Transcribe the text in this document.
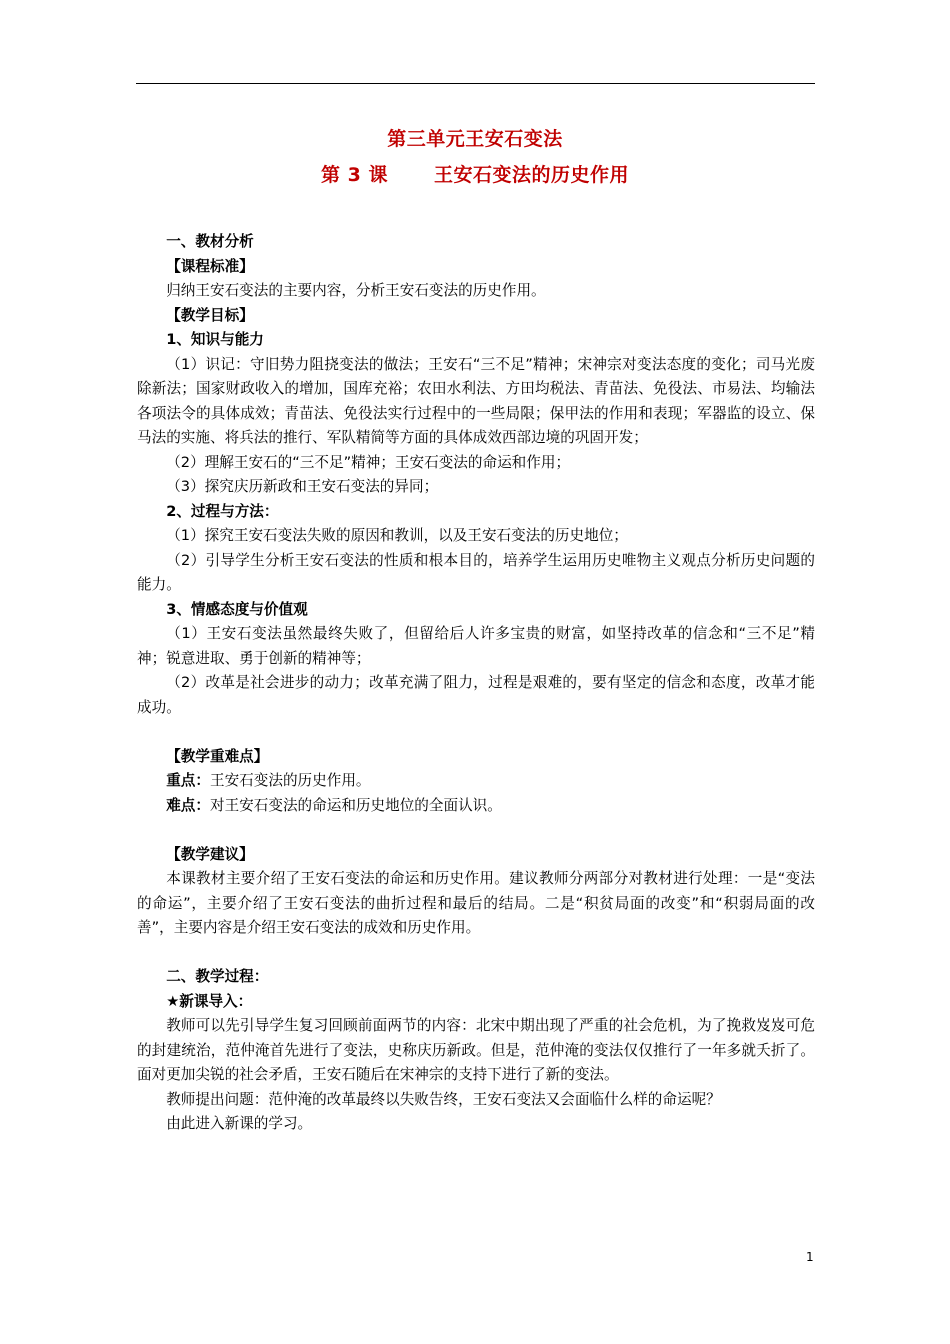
第三单元王安石变法
第 3 课 王安石变法的历史作用

一、教材分析

【课程标准】

归纳王安石变法的主要内容，分析王安石变法的历史作用。

【教学目标】

1、知识与能力

（1）识记：守旧势力阻挠变法的做法；王安石“三不足”精神；宋神宗对变法态度的变化；司马光废除新法；国家财政收入的增加，国库充裕；农田水利法、方田均税法、青苗法、免役法、市易法、均输法各项法令的具体成效；青苗法、免役法实行过程中的一些局限；保甲法的作用和表现；军器监的设立、保马法的实施、将兵法的推行、军队精简等方面的具体成效西部边境的巩固开发；

（2）理解王安石的“三不足”精神；王安石变法的命运和作用；

（3）探究庆历新政和王安石变法的异同；

2、过程与方法：

（1）探究王安石变法失败的原因和教训，以及王安石变法的历史地位；

（2）引导学生分析王安石变法的性质和根本目的，培养学生运用历史唯物主义观点分析历史问题的能力。

3、情感态度与价值观

（1）王安石变法虽然最终失败了，但留给后人许多宝贵的财富，如坚持改革的信念和“三不足”精神；锐意进取、勇于创新的精神等；

（2）改革是社会进步的动力；改革充满了阻力，过程是艰难的，要有坚定的信念和态度，改革才能成功。

【教学重难点】

重点：王安石变法的历史作用。

难点：对王安石变法的命运和历史地位的全面认识。

【教学建议】

本课教材主要介绍了王安石变法的命运和历史作用。建议教师分两部分对教材进行处理：一是“变法的命运”，主要介绍了王安石变法的曲折过程和最后的结局。二是“积贫局面的改变”和“积弱局面的改善”，主要内容是介绍王安石变法的成效和历史作用。

二、教学过程：

★新课导入：

教师可以先引导学生复习回顾前面两节的内容：北宋中期出现了严重的社会危机，为了挽救岌岌可危的封建统治，范仲淹首先进行了变法，史称庆历新政。但是，范仲淹的变法仅仅推行了一年多就夭折了。面对更加尖锐的社会矛盾，王安石随后在宋神宗的支持下进行了新的变法。

教师提出问题：范仲淹的改革最终以失败告终，王安石变法又会面临什么样的命运呢？

由此进入新课的学习。

1
